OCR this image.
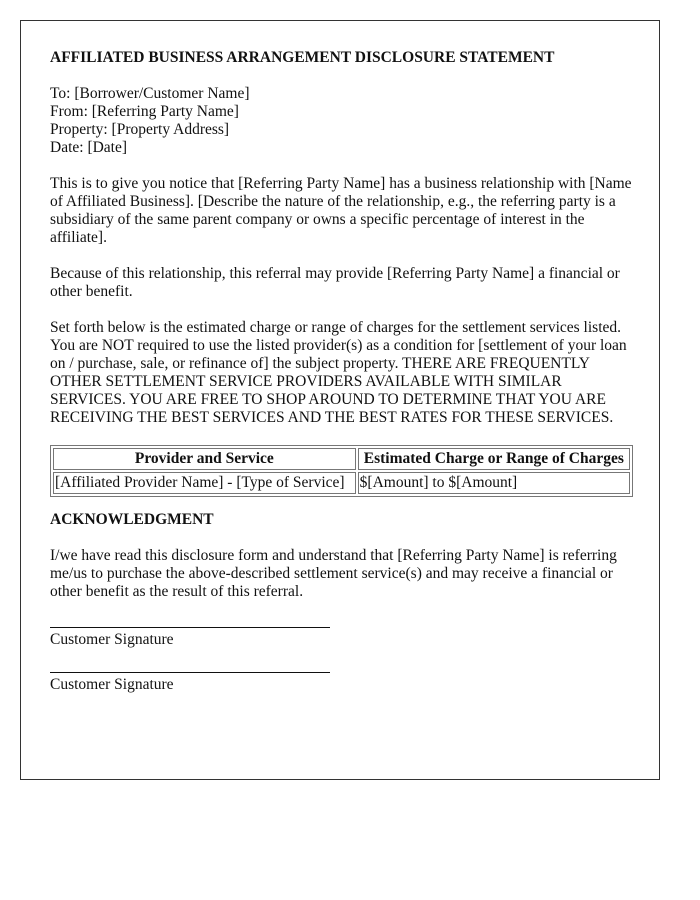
AFFILIATED BUSINESS ARRANGEMENT DISCLOSURE STATEMENT
To: [Borrower/Customer Name]
From: [Referring Party Name]
Property: [Property Address]
Date: [Date]

This is to give you notice that [Referring Party Name] has a business relationship with [Name of Affiliated Business]. [Describe the nature of the relationship, e.g., the referring party is a subsidiary of the same parent company or owns a specific percentage of interest in the affiliate].

Because of this relationship, this referral may provide [Referring Party Name] a financial or other benefit.

Set forth below is the estimated charge or range of charges for the settlement services listed. You are NOT required to use the listed provider(s) as a condition for [settlement of your loan on / purchase, sale, or refinance of] the subject property. THERE ARE FREQUENTLY OTHER SETTLEMENT SERVICE PROVIDERS AVAILABLE WITH SIMILAR SERVICES. YOU ARE FREE TO SHOP AROUND TO DETERMINE THAT YOU ARE RECEIVING THE BEST SERVICES AND THE BEST RATES FOR THESE SERVICES.

Provider and Service	Estimated Charge or Range of Charges
[Affiliated Provider Name] - [Type of Service]	$[Amount] to $[Amount]
ACKNOWLEDGMENT

I/we have read this disclosure form and understand that [Referring Party Name] is referring me/us to purchase the above-described settlement service(s) and may receive a financial or other benefit as the result of this referral.

Customer Signature
Customer Signature
